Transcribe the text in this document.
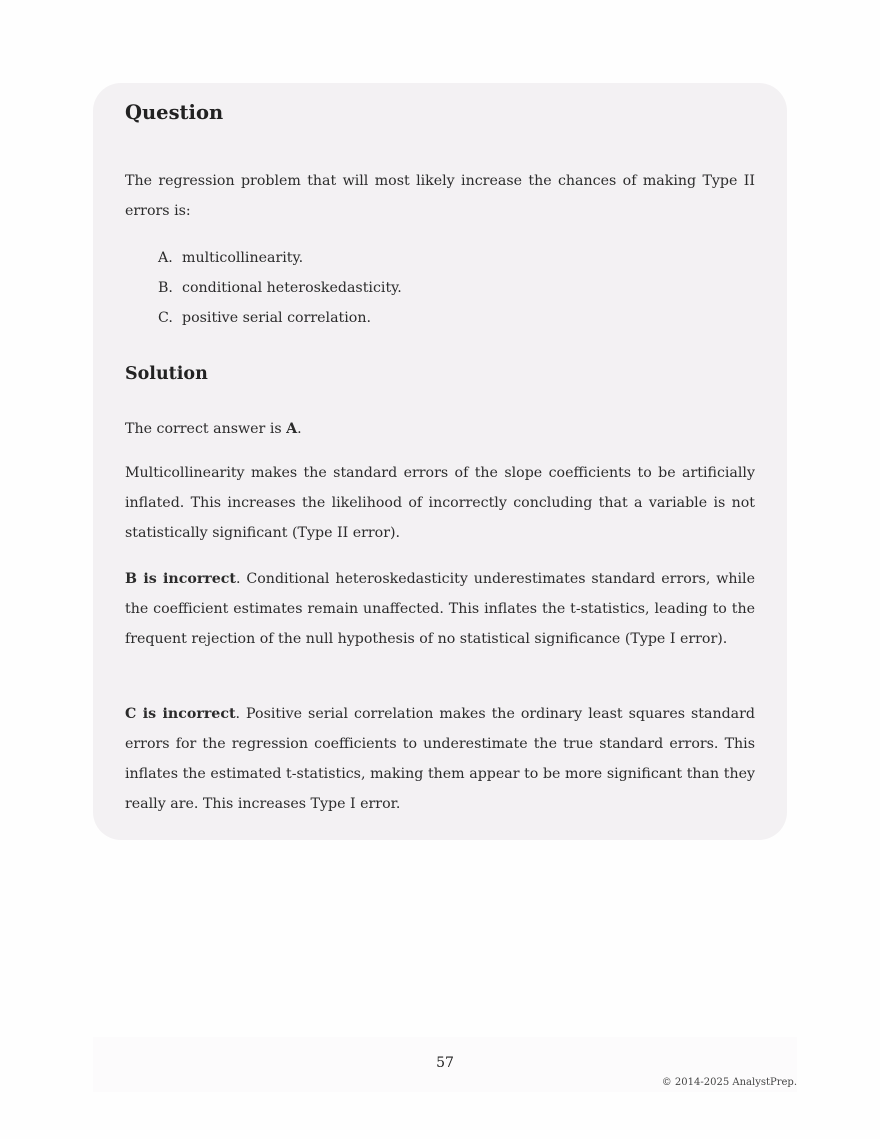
Question

The regression problem that will most likely increase the chances of making Type II errors is:

A. multicollinearity.
B. conditional heteroskedasticity.
C. positive serial correlation.
Solution

The correct answer is A.

Multicollinearity makes the standard errors of the slope coefficients to be artificially inflated. This increases the likelihood of incorrectly concluding that a variable is not statistically significant (Type II error).

B is incorrect. Conditional heteroskedasticity underestimates standard errors, while the coefficient estimates remain unaffected. This inflates the t-statistics, leading to the frequent rejection of the null hypothesis of no statistical significance (Type I error).

C is incorrect. Positive serial correlation makes the ordinary least squares standard errors for the regression coefficients to underestimate the true standard errors. This inflates the estimated t-statistics, making them appear to be more significant than they really are. This increases Type I error.

57
© 2014-2025 AnalystPrep.
